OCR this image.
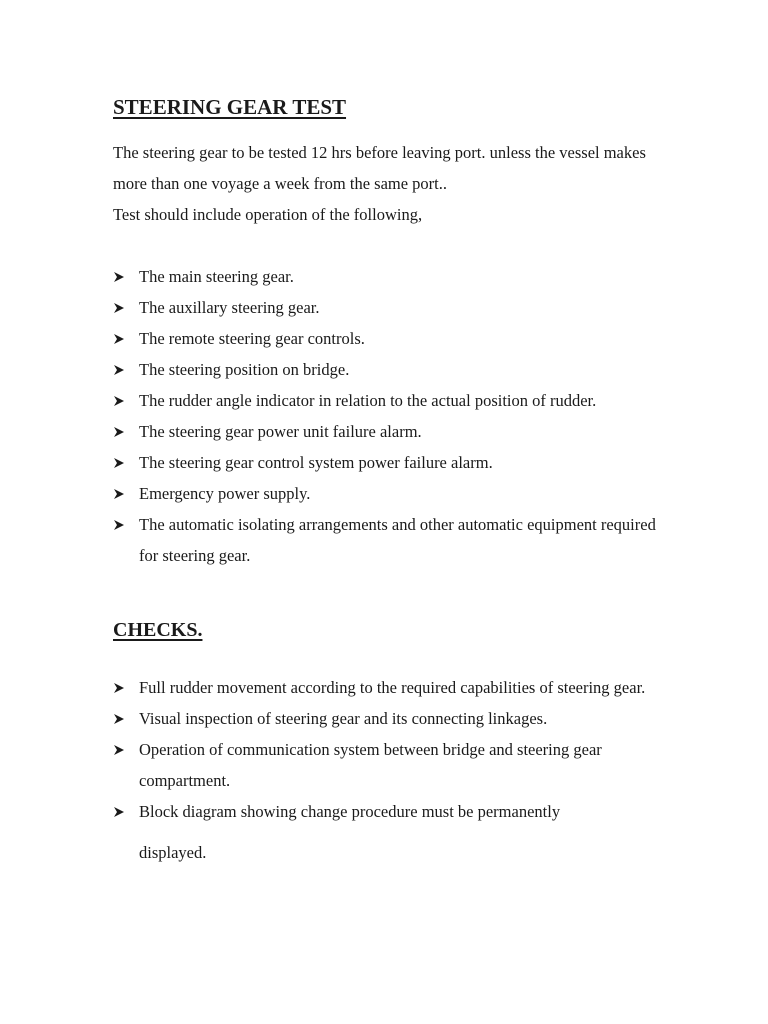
STEERING GEAR TEST

The steering gear to be tested 12 hrs before leaving port. unless the vessel makes more than one voyage a week from the same port..

Test should include operation of the following,

The main steering gear.
The auxillary steering gear.
The remote steering gear controls.
The steering position on bridge.
The rudder angle indicator in relation to the actual position of rudder.
The steering gear power unit failure alarm.
The steering gear control system power failure alarm.
Emergency power supply.
The automatic isolating arrangements and other automatic equipment required for steering gear.
CHECKS.
Full rudder movement according to the required capabilities of steering gear.
Visual inspection of steering gear and its connecting linkages.
Operation of communication system between bridge and steering gear compartment.
Block diagram showing change procedure must be permanently
displayed.
